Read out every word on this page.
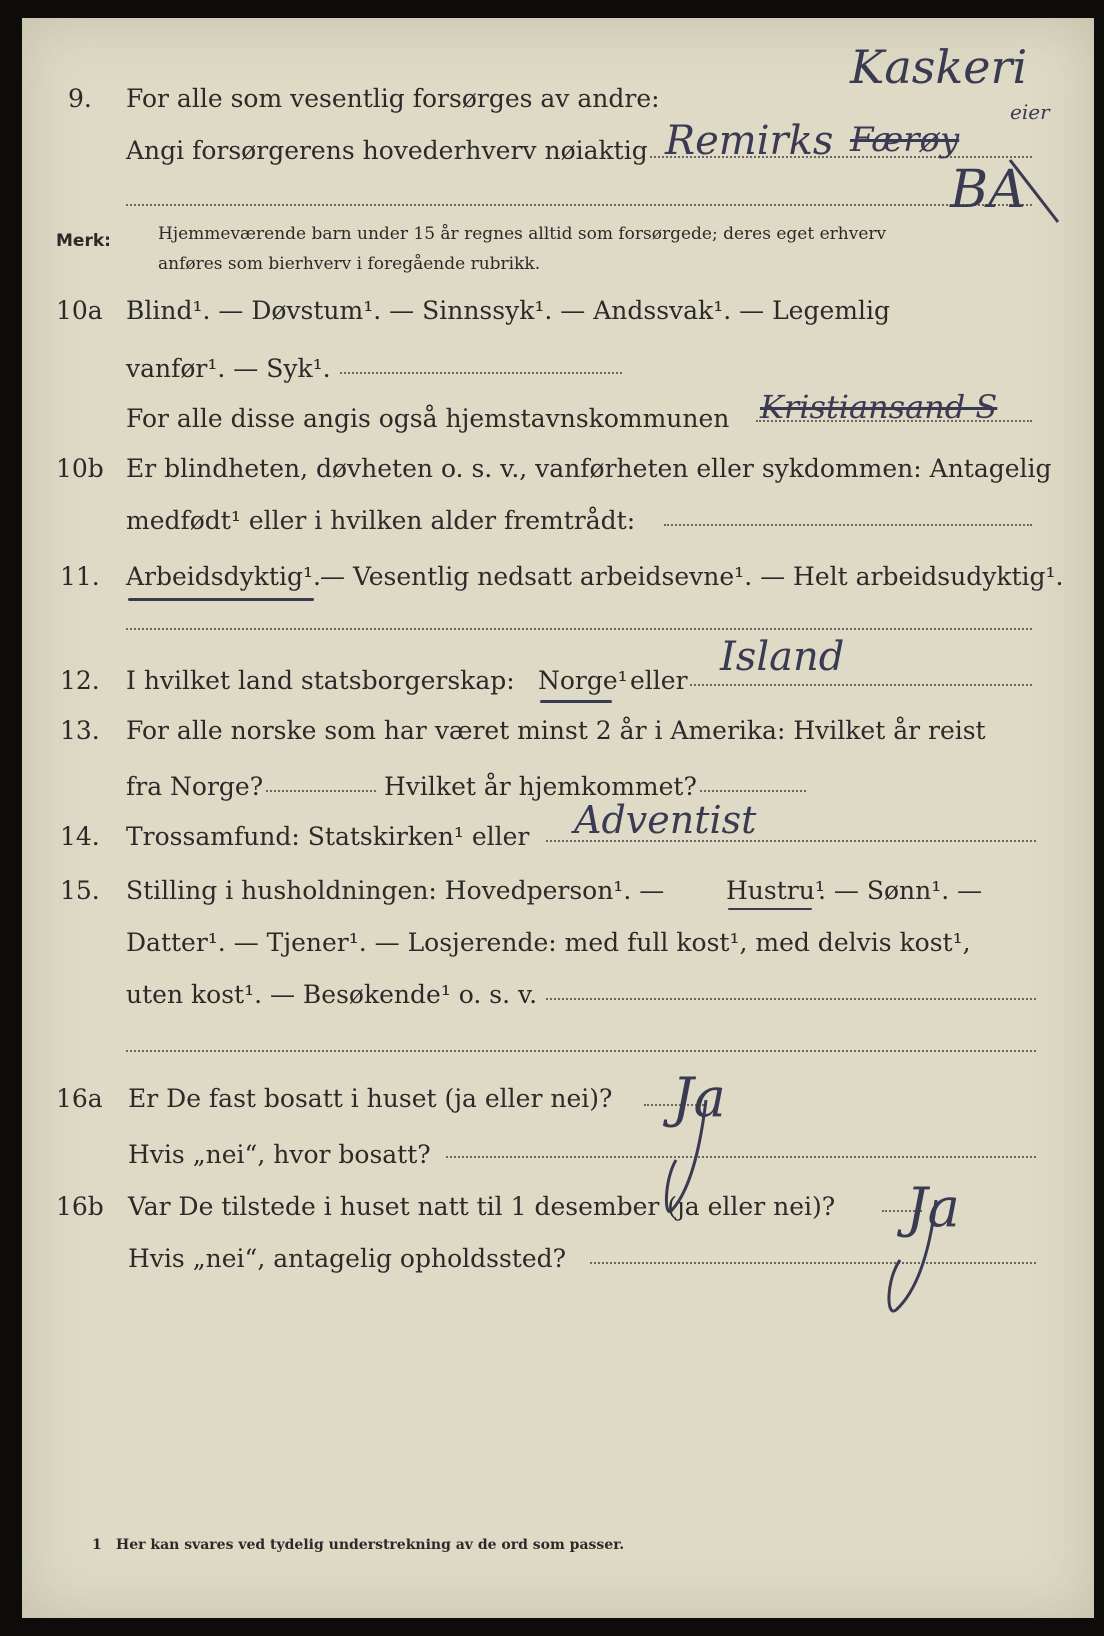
9. For alle som vesentlig forsørges av andre:
Angi forsørgerens hovederhverv nøiaktig
Kaskeri
eier
Remirks Færøy
BA
Merk:	Hjemmeværende barn under 15 år regnes alltid som forsørgede; deres eget erhverv
anføres som bierhverv i foregående rubrikk.
10a Blind¹. — Døvstum¹. — Sinnssyk¹. — Andssvak¹. — Legemlig
vanfør¹. — Syk¹.
For alle disse angis også hjemstavnskommunen Kristiansand S
10b Er blindheten, døvheten o. s. v., vanførheten eller sykdommen: Antagelig
medfødt¹ eller i hvilken alder fremtrådt:
11. Arbeidsdyktig¹. — Vesentlig nedsatt arbeidsevne¹. — Helt arbeidsudyktig¹.
12. I hvilket land statsborgerskap: Norge¹ eller
Island
13. For alle norske som har været minst 2 år i Amerika: Hvilket år reist
fra Norge?	Hvilket år hjemkommet?
14. Trossamfund: Statskirken¹ eller Adventist
15. Stilling i husholdningen: Hovedperson¹. — Hustru¹
. — Sønn¹. —
Datter¹. — Tjener¹. — Losjerende: med full kost¹, med delvis kost¹,
uten kost¹. — Besøkende¹ o. s. v.
16a Er De fast bosatt i huset (ja eller nei)?
Hvis „nei“, hvor bosatt?
Ja
16b Var De tilstede i huset natt til 1 desember (ja eller nei)?
Hvis „nei“, antagelig opholdssted?
Ja
1 Her kan svares ved tydelig understrekning av de ord som passer.
